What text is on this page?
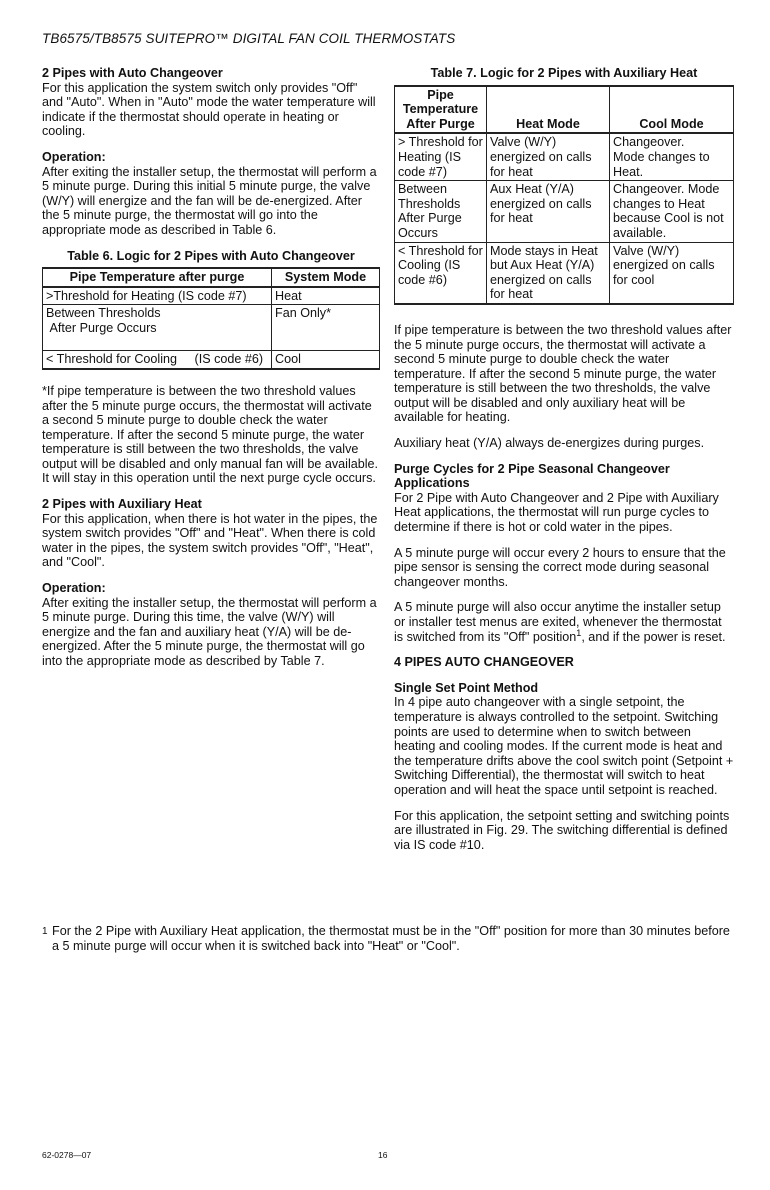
TB6575/TB8575 SUITEPRO™ DIGITAL FAN COIL THERMOSTATS
2 Pipes with Auto Changeover

For this application the system switch only provides "Off" and "Auto". When in "Auto" mode the water temperature will indicate if the thermostat should operate in heating or cooling.

Operation:

After exiting the installer setup, the thermostat will perform a 5 minute purge. During this initial 5 minute purge, the valve (W/Y) will energize and the fan will be de-energized. After the 5 minute purge, the thermostat will go into the appropriate mode as described in Table 6.

Table 6. Logic for 2 Pipes with Auto Changeover
Pipe Temperature after purge	System Mode
>Threshold for Heating (IS code #7)	Heat
Between Thresholds
After Purge Occurs	Fan Only*
< Threshold for Cooling     (IS code #6)	Cool

*If pipe temperature is between the two threshold values after the 5 minute purge occurs, the thermostat will activate a second 5 minute purge to double check the water temperature. If after the second 5 minute purge, the water temperature is still between the two thresholds, the valve output will be disabled and only manual fan will be available. It will stay in this operation until the next purge cycle occurs.

2 Pipes with Auxiliary Heat

For this application, when there is hot water in the pipes, the system switch provides "Off" and "Heat". When there is cold water in the pipes, the system switch provides "Off", "Heat", and "Cool".

Operation:

After exiting the installer setup, the thermostat will perform a 5 minute purge. During this time, the valve (W/Y) will energize and the fan and auxiliary heat (Y/A) will be de-energized. After the 5 minute purge, the thermostat will go into the appropriate mode as described by Table 7.

Table 7. Logic for 2 Pipes with Auxiliary Heat
Pipe Temperature After Purge	Heat Mode	Cool Mode
> Threshold for Heating (IS code #7)	Valve (W/Y) energized on calls for heat	Changeover.
Mode changes to Heat.
Between Thresholds After Purge Occurs	Aux Heat (Y/A) energized on calls for heat	Changeover. Mode changes to Heat because Cool is not available.
< Threshold for Cooling (IS code #6)	Mode stays in Heat but Aux Heat (Y/A) energized on calls for heat	Valve (W/Y) energized on calls for cool

If pipe temperature is between the two threshold values after the 5 minute purge occurs, the thermostat will activate a second 5 minute purge to double check the water temperature. If after the second 5 minute purge, the water temperature is still between the two thresholds, the valve output will be disabled and only auxiliary heat will be available for heating.

Auxiliary heat (Y/A) always de-energizes during purges.

Purge Cycles for 2 Pipe Seasonal Changeover Applications

For 2 Pipe with Auto Changeover and 2 Pipe with Auxiliary Heat applications, the thermostat will run purge cycles to determine if there is hot or cold water in the pipes.

A 5 minute purge will occur every 2 hours to ensure that the pipe sensor is sensing the correct mode during seasonal changeover months.

A 5 minute purge will also occur anytime the installer setup or installer test menus are exited, whenever the thermostat is switched from its "Off" position$^1$, and if the power is reset.

4 PIPES AUTO CHANGEOVER
Single Set Point Method

In 4 pipe auto changeover with a single setpoint, the temperature is always controlled to the setpoint. Switching points are used to determine when to switch between heating and cooling modes. If the current mode is heat and the temperature drifts above the cool switch point (Setpoint + Switching Differential), the thermostat will switch to heat operation and will heat the space until setpoint is reached.

For this application, the setpoint setting and switching points are illustrated in Fig. 29. The switching differential is defined via IS code #10.

1 For the 2 Pipe with Auxiliary Heat application, the thermostat must be in the "Off" position for more than 30 minutes before a 5 minute purge will occur when it is switched back into "Heat" or "Cool".
62-0278—07	16
